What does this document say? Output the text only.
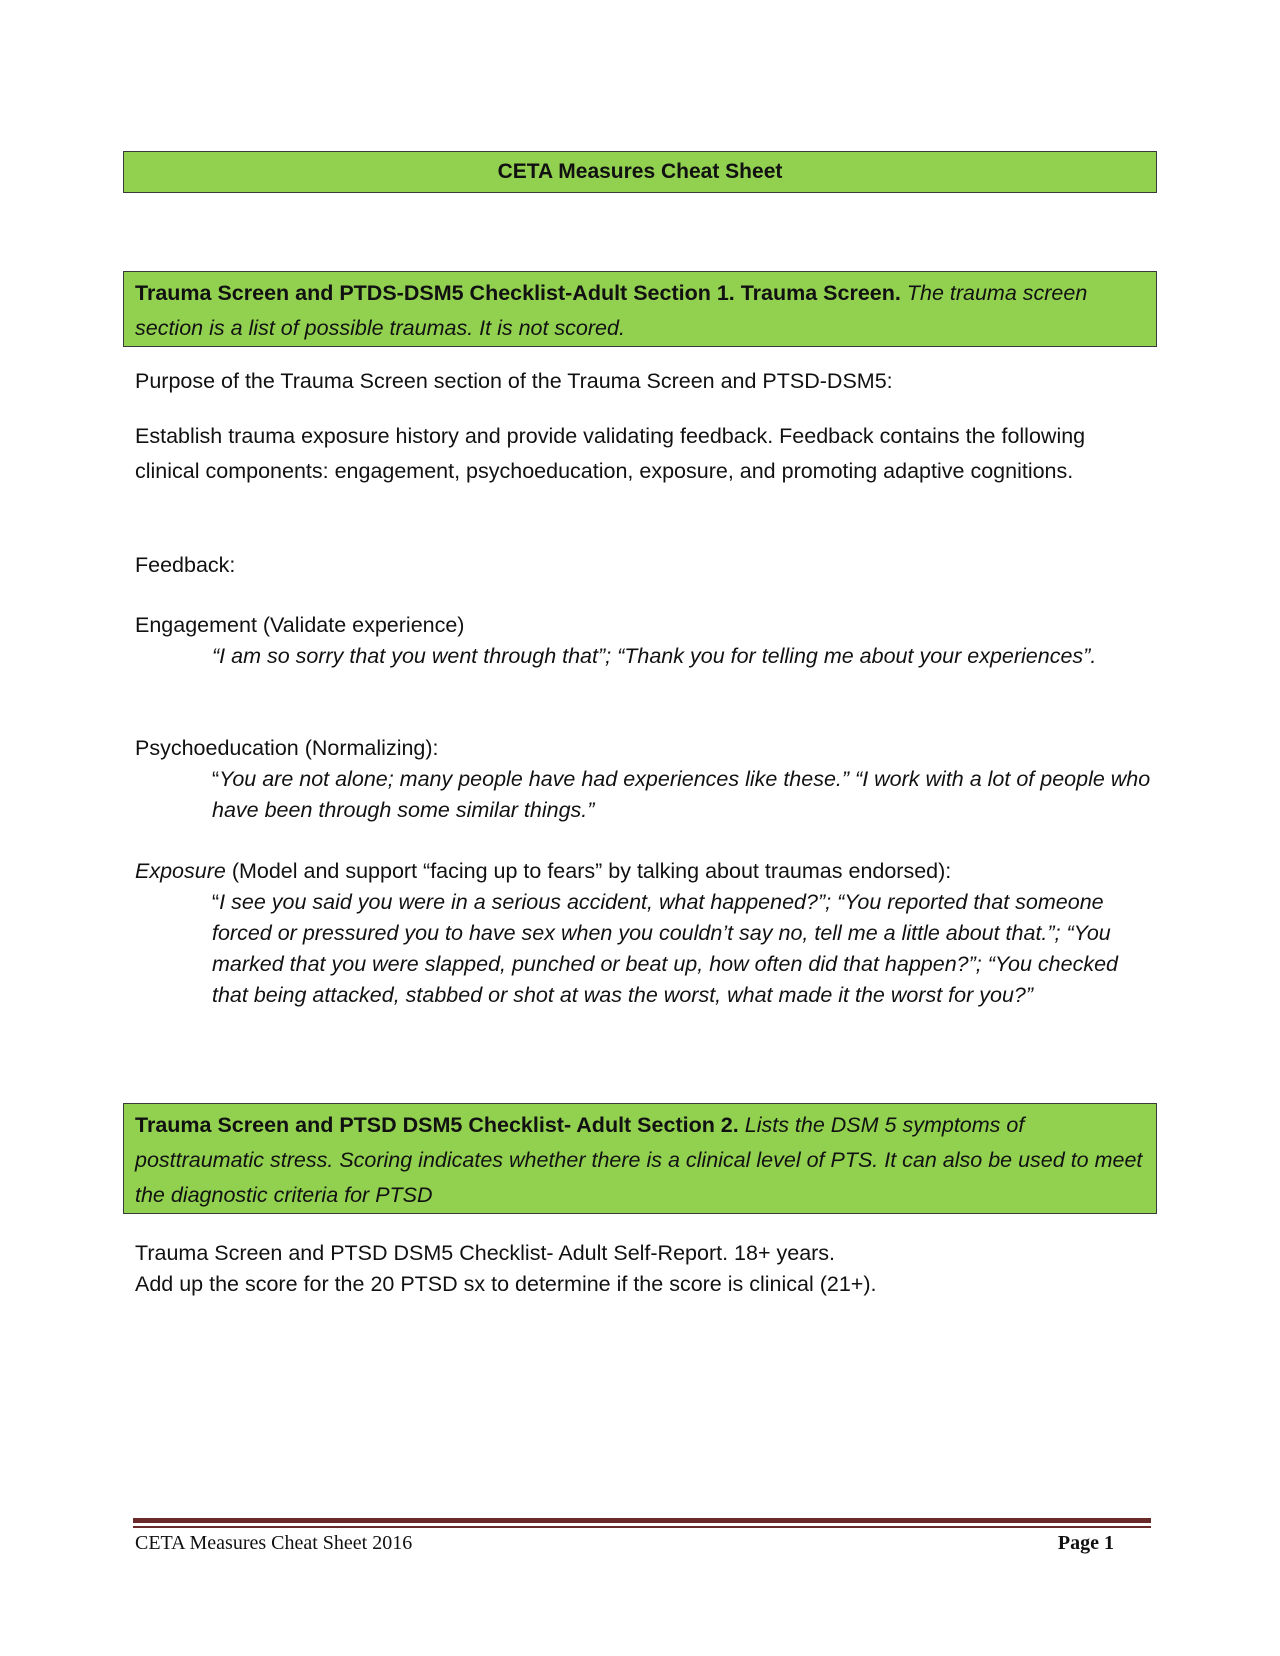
CETA Measures Cheat Sheet
Trauma Screen and PTDS-DSM5 Checklist-Adult Section 1. Trauma Screen. The trauma screen section is a list of possible traumas. It is not scored.

Purpose of the Trauma Screen section of the Trauma Screen and PTSD-DSM5:

Establish trauma exposure history and provide validating feedback. Feedback contains the following clinical components: engagement, psychoeducation, exposure, and promoting adaptive cognitions.

Feedback:

Engagement (Validate experience)
“I am so sorry that you went through that”; “Thank you for telling me about your experiences”.
Psychoeducation (Normalizing):
“You are not alone; many people have had experiences like these.” “I work with a lot of people who have been through some similar things.”
Exposure (Model and support “facing up to fears” by talking about traumas endorsed):
“I see you said you were in a serious accident, what happened?”; “You reported that someone forced or pressured you to have sex when you couldn’t say no, tell me a little about that.”; “You marked that you were slapped, punched or beat up, how often did that happen?”; “You checked that being attacked, stabbed or shot at was the worst, what made it the worst for you?”
Trauma Screen and PTSD DSM5 Checklist- Adult Section 2. Lists the DSM 5 symptoms of posttraumatic stress. Scoring indicates whether there is a clinical level of PTS. It can also be used to meet the diagnostic criteria for PTSD
Trauma Screen and PTSD DSM5 Checklist- Adult Self-Report. 18+ years.
Add up the score for the 20 PTSD sx to determine if the score is clinical (21+).
CETA Measures Cheat Sheet 2016	Page 1
